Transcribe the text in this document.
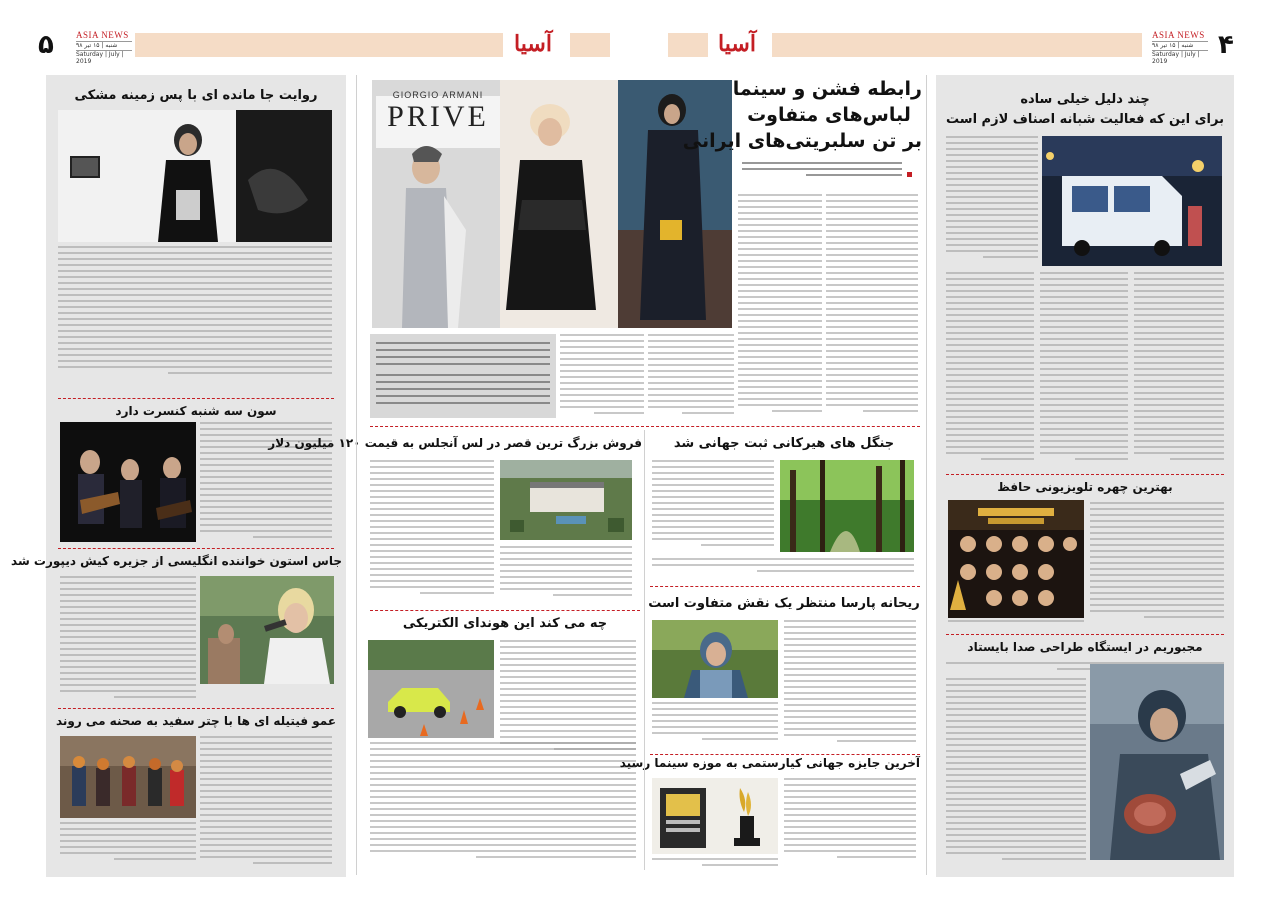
۵ ASIA NEWS
شنبه | ۱۵ تیر ۹۸
Saturday | July | 2019
آسیا	آسیا	ASIA NEWS
شنبه | ۱۵ تیر ۹۸
Saturday | July | 2019
۴
روایت جا مانده ای با پس زمینه مشکی
سون سه شنبه کنسرت دارد
جاس استون خواننده انگلیسی از جزیره کیش دیپورت شد
عمو فیتیله ای ها با چتر سفید به صحنه می روند
GIORGIO ARMANI
PRIVE
رابطه فشن و سینما
لباس‌های متفاوت
بر تن سلبریتی‌های ایرانی
فروش بزرگ ترین قصر در لس آنجلس به قیمت ۱۲۰ میلیون دلار	جنگل های هیرکانی ثبت جهانی شد
چه می کند این هوندای الکتریکی
ریحانه پارسا منتظر یک نقش متفاوت است
آخرین جایزه جهانی کیارستمی به موزه سینما رسید
چند دلیل خیلی ساده
برای این که فعالیت شبانه اصناف لازم است
بهترین چهره تلویزیونی حافظ
مجبوریم در ایستگاه طراحی صدا بایستاد
